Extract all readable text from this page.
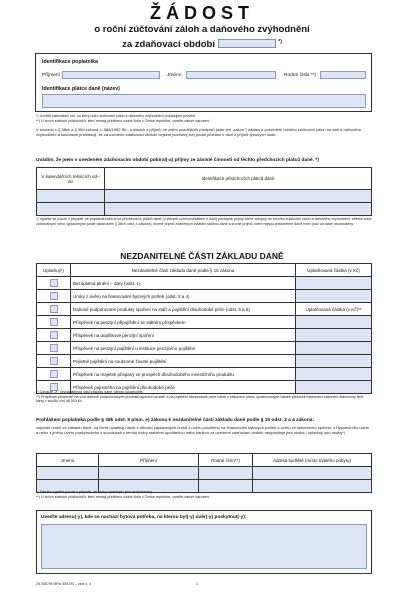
ŽÁDOST
o roční zúčtování záloh a daňového zvýhodnění
za zdaňovací období	*)
Identifikace poplatníka
Příjmení	Jméno	Rodné číslo **)
Identifikace plátce daně (název)
*) Uveďte kalendářní rok, za který roční zúčtování záloh a daňového zvýhodnění požadujete provést.
**) U cizích státních příslušníků, kterí nemají přiděleno rodné číslo v České republice, uveďte datum narození.
V souladu s § 38ch a § 35d zákona č. 586/1992 Sb., o daních z příjmů, ve znění pozdějších předpisů (dále jen „zákon") žádám o provedení ročního zúčtování záloh na daň a daňového zvýhodnění a současně prohlašuji, že za uvedené zdaňovací období nejsem povinen(-na) podat přiznání k dani z příjmů fyzických osob.
Uvádím, že jsem v uvedeném zdaňovacím období pobíral(-a) příjmy ze závislé činnosti od těchto předchozích plátců daně. *)
V kalendářních měsících od–do	Identifikace předchozích plátců daně

*) Vyplňte se pouze v případě, že poplatník pobíral od předchozích plátců daně (u kterých učinil prohlášení k dani) postupné příjmy, které vstupují do ročního zúčtování záloh a daňového zvýhodnění, střetné mezi zúčtovanými nebo vyplacenými podle ustanovení § 38ch odst. 4 zákona), kromě příjmů zdaněných zvláštní sazbou daně a kromě příjmů, které nejsou předmětem daně nebo jsou od daně osvobozeny.
NEZDANITELNÉ ČÁSTI ZÁKLADU DANĚ
Uplatňuji*)	Nezdanitelné části základu daně podle § 15 zákona	Uplatňovaná částka (v Kč)
	Bezúplatná plnění – dary (odst. 1)	
	Úroky z úvěru na financování bytových potřeb (odst. 3 a 4)	
	Daňové podporované produkty spoření na stáří a pojištění dlouhodobé péče (odst. 5 a 6)	Uplatňovaná částka (v Kč)**
	Příspěvek na penzijní připojištění se státním příspěvkem	
	Příspěvek na doplňkové penzijní spoření	
	Příspěvek na penzijní pojištění u instituce penzijního pojištění	
	Pojistné pojištění na soukromé životní pojištění	
	Příspěvek na majetek přispaný ve prospěch dlouhodobého investičního produktu	
	Příspěvek pojistného na pojištění dlouhodobé péče	
*) Označte „X" nezdanitelnou část základu daně, kterou uplatňujete.
**) Příspěvek příspěvků na více daňově podporovaných produktů spoření na stáří a na pojištění dlouhodobé péče nelze v celkovém úhrnu uplatňovaných částek překročit maximální zákonem stanovený limit, který v součtu činí 48 000 Kč.
Prohlášení poplatníka podle § 38k odst. 5 písm. e) zákona k nezdanitelné části základu daně podle § 15 odst. 3 a 4 zákona:
odpočet úroků ze základu daně, na které uplatňuji nárok z důvodu zaplacených úroků z úvěru použitého na financování bytových potřeb z úvěru ze stavebního spoření, z hypotečního úvěru a nebo z jiného úvěru poskytnutého v souvislosti s těmito úvěry stavební spořitelnou nebo bankou za uvedené zdaňovací období neuplatňuje jiná osoba / uplatňují tyto osoby*)
Jméno	Příjmení	Rodné číslo**)	Adresa bydliště (místo trvalého pobytu)

*) Tabulku vyplňte pouze v případě, že úroky uplatňuje i jiná osoba/osoby.
**) U cizích státních příslušníků, kteří nemají přiděleno rodné číslo v České republice, uveďte datum narození.
Uveďte adresu(-y), kde se nachází bytová potřeba, na kterou byl(-y) úvěr(-y) poskytnut(-y):
25 5457/B MFin 5457/B – vzor č. 4	1
